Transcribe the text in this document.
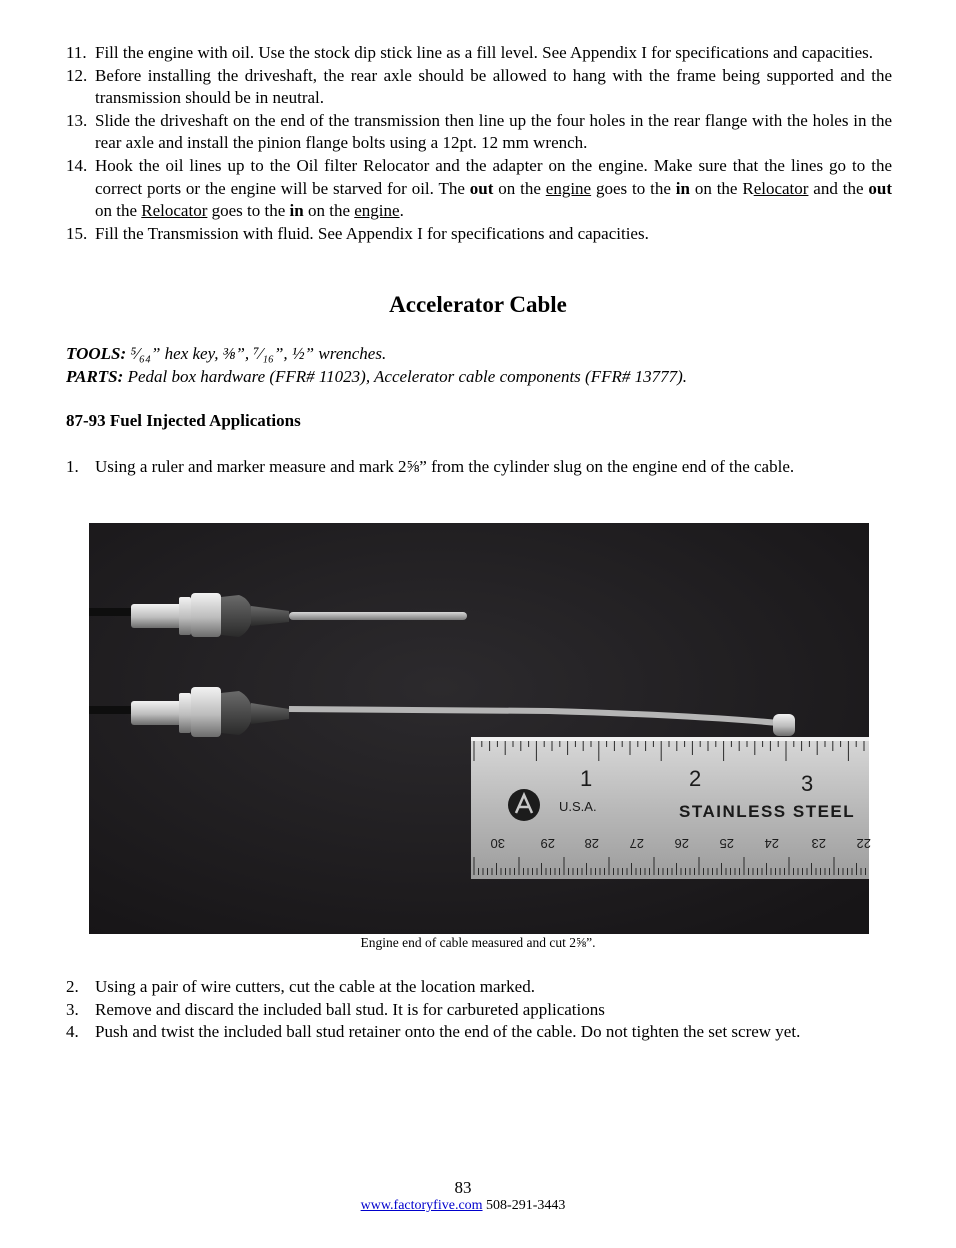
11. Fill the engine with oil. Use the stock dip stick line as a fill level. See Appendix I for specifications and capacities.
12. Before installing the driveshaft, the rear axle should be allowed to hang with the frame being supported and the transmission should be in neutral.
13. Slide the driveshaft on the end of the transmission then line up the four holes in the rear flange with the holes in the rear axle and install the pinion flange bolts using a 12pt. 12 mm wrench.
14. Hook the oil lines up to the Oil filter Relocator and the adapter on the engine. Make sure that the lines go to the correct ports or the engine will be starved for oil. The out on the engine goes to the in on the Relocator and the out on the Relocator goes to the in on the engine.
15. Fill the Transmission with fluid. See Appendix I for specifications and capacities.
Accelerator Cable
TOOLS: ⁵⁄₆₄” hex key, ⅜”, ⁷⁄₁₆”, ½” wrenches.
PARTS: Pedal box hardware (FFR# 11023), Accelerator cable components (FFR# 13777).
87-93 Fuel Injected Applications
1. Using a ruler and marker measure and mark 2⅝” from the cylinder slug on the engine end of the cable.
1	2	3
U.S.A.	STAINLESS STEEL
30	29 28 27 26 25 24	23 22
Engine end of cable measured and cut 2⅝”.
2. Using a pair of wire cutters, cut the cable at the location marked.
3. Remove and discard the included ball stud. It is for carbureted applications
4. Push and twist the included ball stud retainer onto the end of the cable. Do not tighten the set screw yet.
83
www.factoryfive.com 508-291-3443
